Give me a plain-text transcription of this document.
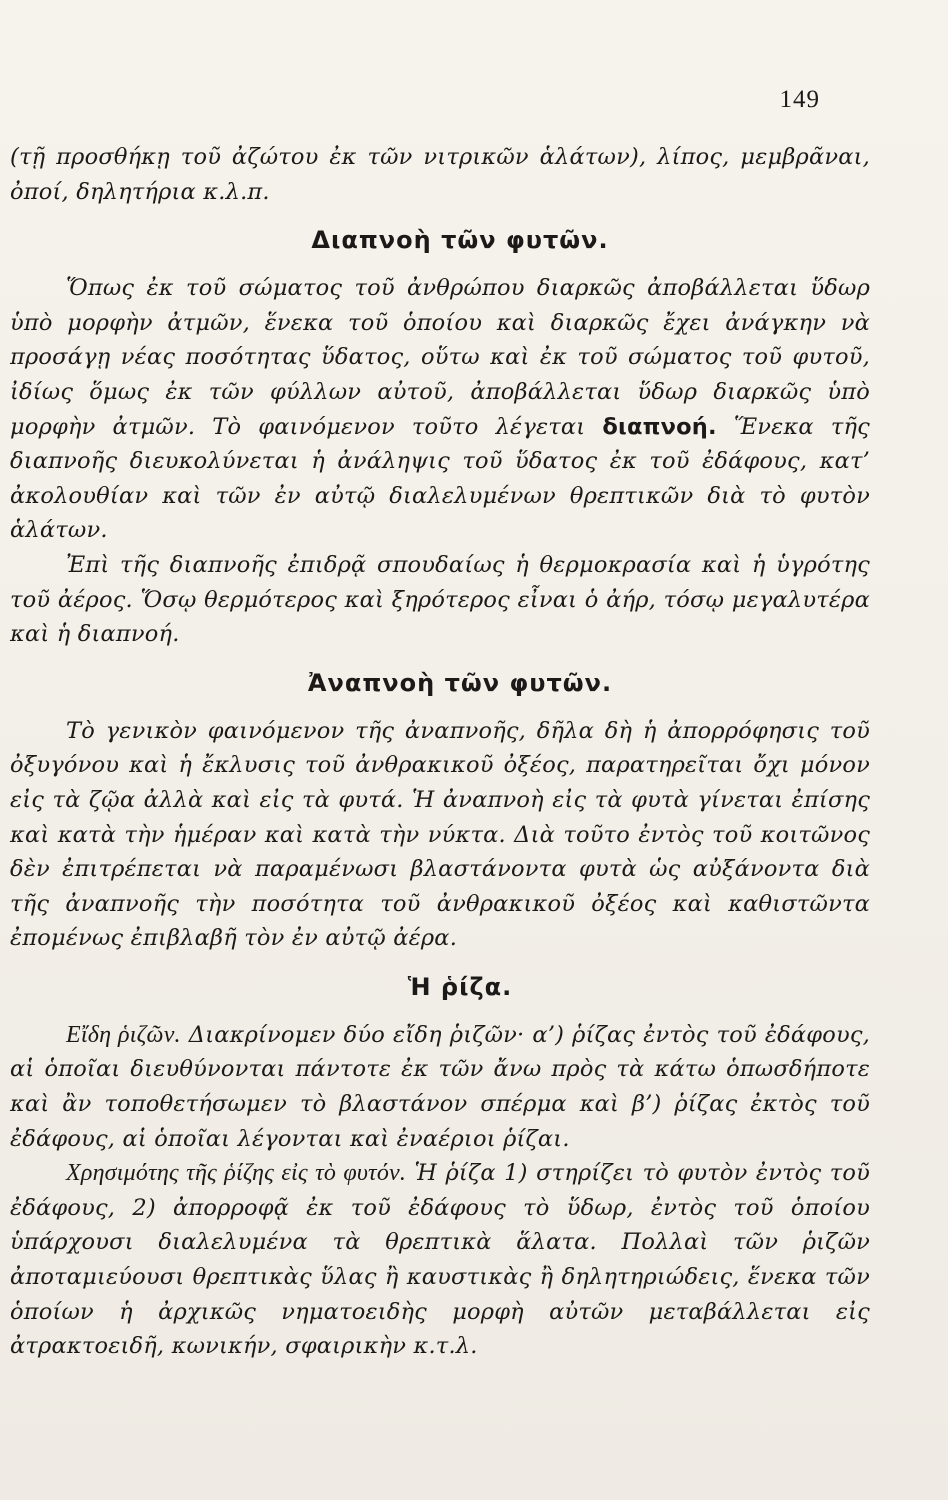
149

(τῇ προσθήκῃ τοῦ ἀζώτου ἐκ τῶν νιτρικῶν ἁλάτων), λίπος, μεμβρᾶναι, ὀποί, δηλητήρια κ.λ.π.

Διαπνοὴ τῶν φυτῶν.

Ὅπως ἐκ τοῦ σώματος τοῦ ἀνθρώπου διαρκῶς ἀποβάλλεται ὕδωρ ὑπὸ μορφὴν ἀτμῶν, ἕνεκα τοῦ ὁποίου καὶ διαρκῶς ἔχει ἀνάγκην νὰ προσάγῃ νέας ποσότητας ὕδατος, οὕτω καὶ ἐκ τοῦ σώματος τοῦ φυτοῦ, ἰδίως ὅμως ἐκ τῶν φύλλων αὐτοῦ, ἀποβάλλεται ὕδωρ διαρκῶς ὑπὸ μορφὴν ἀτμῶν. Τὸ φαινόμενον τοῦτο λέγεται διαπνοή. Ἕνεκα τῆς διαπνοῆς διευκολύνεται ἡ ἀνάληψις τοῦ ὕδατος ἐκ τοῦ ἐδάφους, κατ’ ἀκολουθίαν καὶ τῶν ἐν αὐτῷ διαλελυμένων θρεπτικῶν διὰ τὸ φυτὸν ἁλάτων.

Ἐπὶ τῆς διαπνοῆς ἐπιδρᾷ σπουδαίως ἡ θερμοκρασία καὶ ἡ ὑγρότης τοῦ ἀέρος. Ὅσῳ θερμότερος καὶ ξηρότερος εἶναι ὁ ἀήρ, τόσῳ μεγαλυτέρα καὶ ἡ διαπνοή.

Ἀναπνοὴ τῶν φυτῶν.

Τὸ γενικὸν φαινόμενον τῆς ἀναπνοῆς, δῆλα δὴ ἡ ἀπορρόφησις τοῦ ὀξυγόνου καὶ ἡ ἔκλυσις τοῦ ἀνθρακικοῦ ὀξέος, παρατηρεῖται ὄχι μόνον εἰς τὰ ζῷα ἀλλὰ καὶ εἰς τὰ φυτά. Ἡ ἀναπνοὴ εἰς τὰ φυτὰ γίνεται ἐπίσης καὶ κατὰ τὴν ἡμέραν καὶ κατὰ τὴν νύκτα. Διὰ τοῦτο ἐντὸς τοῦ κοιτῶνος δὲν ἐπιτρέπεται νὰ παραμένωσι βλαστάνοντα φυτὰ ὡς αὐξάνοντα διὰ τῆς ἀναπνοῆς τὴν ποσότητα τοῦ ἀνθρακικοῦ ὀξέος καὶ καθιστῶντα ἐπομένως ἐπιβλαβῆ τὸν ἐν αὐτῷ ἀέρα.

Ἡ ῥίζα.

Εἴδη ῥιζῶν. Διακρίνομεν δύο εἴδη ῥιζῶν· α’) ῥίζας ἐντὸς τοῦ ἐδάφους, αἱ ὁποῖαι διευθύνονται πάντοτε ἐκ τῶν ἄνω πρὸς τὰ κάτω ὁπωσδήποτε καὶ ἂν τοποθετήσωμεν τὸ βλαστάνον σπέρμα καὶ β’) ῥίζας ἐκτὸς τοῦ ἐδάφους, αἱ ὁποῖαι λέγονται καὶ ἐναέριοι ῥίζαι.

Χρησιμότης τῆς ῥίζης εἰς τὸ φυτόν. Ἡ ῥίζα 1) στηρίζει τὸ φυτὸν ἐντὸς τοῦ ἐδάφους, 2) ἀπορροφᾷ ἐκ τοῦ ἐδάφους τὸ ὕδωρ, ἐντὸς τοῦ ὁποίου ὑπάρχουσι διαλελυμένα τὰ θρεπτικὰ ἅλατα. Πολλαὶ τῶν ῥιζῶν ἀποταμιεύουσι θρεπτικὰς ὕλας ἢ καυστικὰς ἢ δηλητηριώδεις, ἕνεκα τῶν ὁποίων ἡ ἀρχικῶς νηματοειδὴς μορφὴ αὐτῶν μεταβάλλεται εἰς ἀτρακτοειδῆ, κωνικήν, σφαιρικὴν κ.τ.λ.
